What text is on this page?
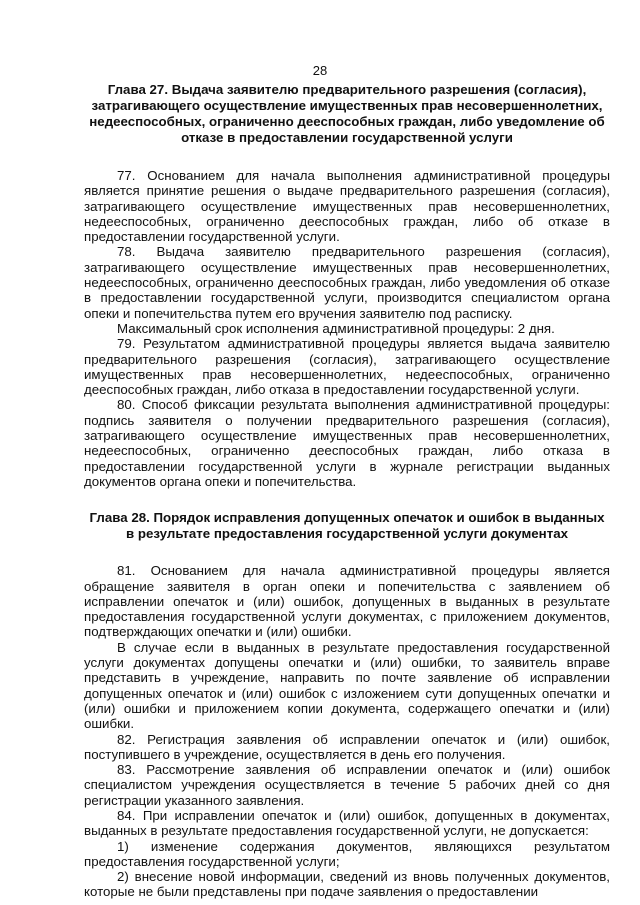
28
Глава 27. Выдача заявителю предварительного разрешения (согласия), затрагивающего осуществление имущественных прав несовершеннолетних, недееспособных, ограниченно дееспособных граждан, либо уведомление об отказе в предоставлении государственной услуги

77. Основанием для начала выполнения административной процедуры является принятие решения о выдаче предварительного разрешения (согласия), затрагивающего осуществление имущественных прав несовершеннолетних, недееспособных, ограниченно дееспособных граждан, либо об отказе в предоставлении государственной услуги.

78. Выдача заявителю предварительного разрешения (согласия), затрагивающего осуществление имущественных прав несовершеннолетних, недееспособных, ограниченно дееспособных граждан, либо уведомления об отказе в предоставлении государственной услуги, производится специалистом органа опеки и попечительства путем его вручения заявителю под расписку.

Максимальный срок исполнения административной процедуры: 2 дня.

79. Результатом административной процедуры является выдача заявителю предварительного разрешения (согласия), затрагивающего осуществление имущественных прав несовершеннолетних, недееспособных, ограниченно дееспособных граждан, либо отказа в предоставлении государственной услуги.

80. Способ фиксации результата выполнения административной процедуры: подпись заявителя о получении предварительного разрешения (согласия), затрагивающего осуществление имущественных прав несовершеннолетних, недееспособных, ограниченно дееспособных граждан, либо отказа в предоставлении государственной услуги в журнале регистрации выданных документов органа опеки и попечительства.

Глава 28. Порядок исправления допущенных опечаток и ошибок в выданных в результате предоставления государственной услуги документах

81. Основанием для начала административной процедуры является обращение заявителя в орган опеки и попечительства с заявлением об исправлении опечаток и (или) ошибок, допущенных в выданных в результате предоставления государственной услуги документах, с приложением документов, подтверждающих опечатки и (или) ошибки.

В случае если в выданных в результате предоставления государственной услуги документах допущены опечатки и (или) ошибки, то заявитель вправе представить в учреждение, направить по почте заявление об исправлении допущенных опечаток и (или) ошибок с изложением сути допущенных опечатки и (или) ошибки и приложением копии документа, содержащего опечатки и (или) ошибки.

82. Регистрация заявления об исправлении опечаток и (или) ошибок, поступившего в учреждение, осуществляется в день его получения.

83. Рассмотрение заявления об исправлении опечаток и (или) ошибок специалистом учреждения осуществляется в течение 5 рабочих дней со дня регистрации указанного заявления.

84. При исправлении опечаток и (или) ошибок, допущенных в документах, выданных в результате предоставления государственной услуги, не допускается:

1) изменение содержания документов, являющихся результатом предоставления государственной услуги;

2) внесение новой информации, сведений из вновь полученных документов, которые не были представлены при подаче заявления о предоставлении
